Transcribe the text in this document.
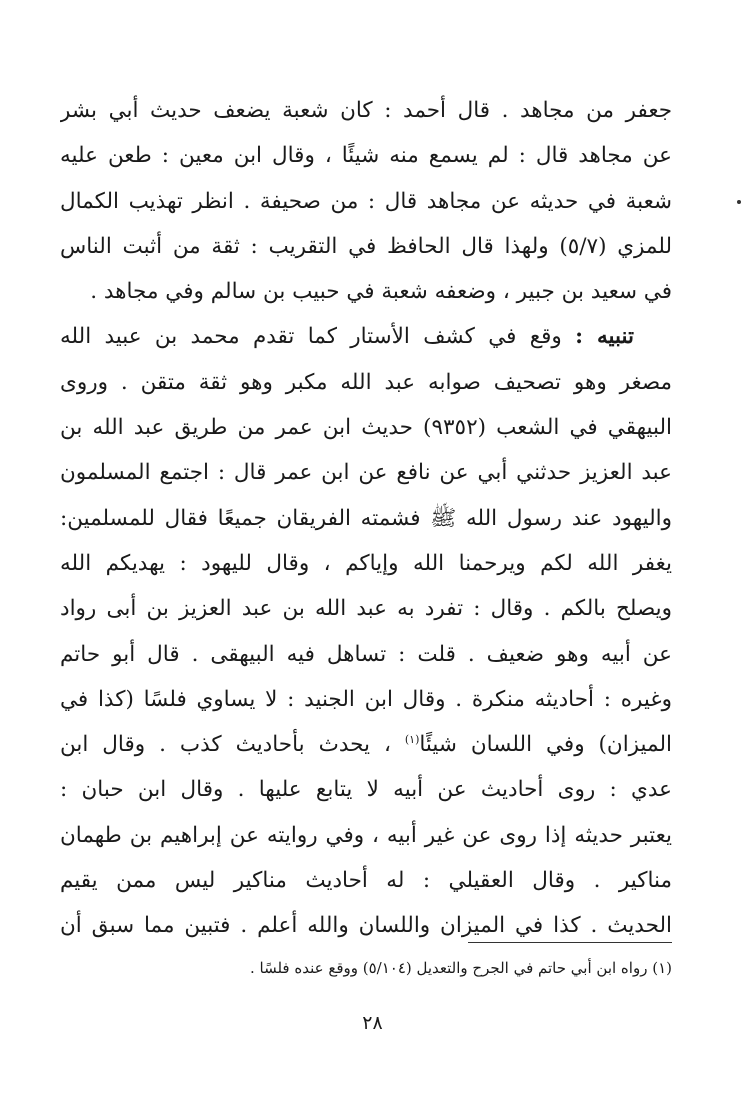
جعفر من مجاهد . قال أحمد : كان شعبة يضعف حديث أبي بشر
عن مجاهد قال : لم يسمع منه شيئًا ، وقال ابن معين : طعن عليه
شعبة في حديثه عن مجاهد قال : من صحيفة . انظر تهذيب الكمال
للمزي (٥/٧) ولهذا قال الحافظ في التقريب : ثقة من أثبت الناس
في سعيد بن جبير ، وضعفه شعبة في حبيب بن سالم وفي مجاهد .
تنبيه : وقع في كشف الأستار كما تقدم محمد بن عبيد الله
مصغر وهو تصحيف صوابه عبد الله مكبر وهو ثقة متقن . وروى
البيهقي في الشعب (٩٣٥٢) حديث ابن عمر من طريق عبد الله بن
عبد العزيز حدثني أبي عن نافع عن ابن عمر قال : اجتمع المسلمون
واليهود عند رسول الله ﷺ فشمته الفريقان جميعًا فقال للمسلمين:
يغفر الله لكم ويرحمنا الله وإياكم ، وقال لليهود : يهديكم الله
ويصلح بالكم . وقال : تفرد به عبد الله بن عبد العزيز بن أبى رواد
عن أبيه وهو ضعيف . قلت : تساهل فيه البيهقى . قال أبو حاتم
وغيره : أحاديثه منكرة . وقال ابن الجنيد : لا يساوي فلسًا (كذا في
الميزان) وفي اللسان شيئًا$^{(١)}$ ، يحدث بأحاديث كذب . وقال ابن
عدي : روى أحاديث عن أبيه لا يتابع عليها . وقال ابن حبان :
يعتبر حديثه إذا روى عن غير أبيه ، وفي روايته عن إبراهيم بن طهمان
مناكير . وقال العقيلي : له أحاديث مناكير ليس ممن يقيم
الحديث . كذا في الميزان واللسان والله أعلم . فتبين مما سبق أن
(١) رواه ابن أبي حاتم في الجرح والتعديل (٥/١٠٤) ووقع عنده فلسًا .
٢٨
